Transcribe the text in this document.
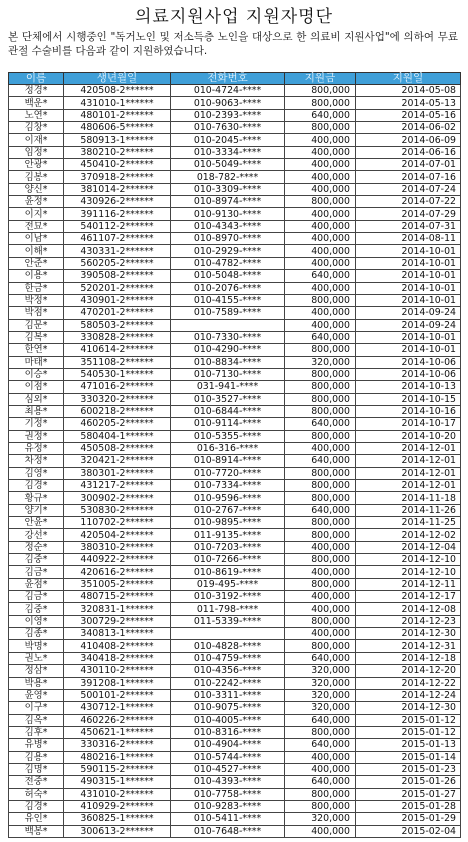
의료지원사업 지원자명단
본 단체에서 시행중인 "독거노인 및 저소득층 노인을 대상으로 한 의료비 지원사업"에 의하여 무료관절 수술비를 다음과 같이 지원하였습니다.
이름	생년월일	전화번호	지원금	지원일
정경*	420508-2******	010-4724-****	800,000	2014-05-08
백운*	431010-1******	010-9063-****	800,000	2014-05-13
노연*	480101-2******	010-2393-****	640,000	2014-05-16
김창*	480606-5******	010-7630-****	800,000	2014-06-02
이재*	580913-1******	010-2045-****	400,000	2014-06-09
임정*	380210-2******	010-3334-****	400,000	2014-06-16
안광*	450410-2******	010-5049-****	400,000	2014-07-01
김봉*	370918-2******	018-782-****	400,000	2014-07-16
양신*	381014-2******	010-3309-****	400,000	2014-07-24
윤정*	430926-2******	010-8974-****	800,000	2014-07-22
이지*	391116-2******	010-9130-****	400,000	2014-07-29
전묘*	540112-2******	010-4343-****	400,000	2014-07-31
이남*	461107-2******	010-8970-****	400,000	2014-08-11
이해*	430331-2******	010-2929-****	400,000	2014-10-01
안준*	560205-2******	010-4782-****	400,000	2014-10-01
이용*	390508-2******	010-5048-****	640,000	2014-10-01
한금*	520201-2******	010-2076-****	400,000	2014-10-01
박정*	430901-2******	010-4155-****	800,000	2014-10-01
박점*	470201-2******	010-7589-****	400,000	2014-09-24
김문*	580503-2******		400,000	2014-09-24
김복*	330828-2******	010-7330-****	640,000	2014-10-01
한연*	410614-2******	010-4290-****	800,000	2014-10-01
마태*	351108-2******	010-8834-****	320,000	2014-10-06
이승*	540530-1******	010-7130-****	800,000	2014-10-06
이점*	471016-2******	031-941-****	800,000	2014-10-13
심외*	330320-2******	010-3527-****	800,000	2014-10-15
최용*	600218-2******	010-6844-****	800,000	2014-10-16
기정*	460205-2******	010-9114-****	640,000	2014-10-17
권정*	580404-1******	010-5355-****	800,000	2014-10-20
유정*	450508-2******	016-316-****	400,000	2014-12-01
차정*	320421-2******	010-8914-****	640,000	2014-12-01
김영*	380301-2******	010-7720-****	800,000	2014-12-01
김경*	431217-2******	010-7334-****	800,000	2014-12-01
황규*	300902-2******	010-9596-****	800,000	2014-11-18
양기*	530830-2******	010-2767-****	640,000	2014-11-26
안윤*	110702-2******	010-9895-****	800,000	2014-11-25
강선*	420504-2******	011-9135-****	800,000	2014-12-02
정순*	380310-2******	010-7203-****	400,000	2014-12-04
김중*	440922-2******	010-7266-****	800,000	2014-12-10
김금*	420616-2******	010-8619-****	400,000	2014-12-10
윤점*	351005-2******	019-495-****	800,000	2014-12-11
김금*	480715-2******	010-3192-****	400,000	2014-12-17
김중*	320831-1******	011-798-****	400,000	2014-12-08
이영*	300729-2******	011-5339-****	800,000	2014-12-23
김종*	340813-1******		400,000	2014-12-30
박명*	410408-2******	010-4828-****	800,000	2014-12-31
권노*	340418-2******	010-4759-****	640,000	2014-12-18
정삼*	430110-2******	010-4356-****	320,000	2014-12-20
박용*	391208-1******	010-2242-****	320,000	2014-12-22
윤영*	500101-2******	010-3311-****	320,000	2014-12-24
이구*	430712-1******	010-9075-****	320,000	2014-12-30
김옥*	460226-2******	010-4005-****	640,000	2015-01-12
김후*	450621-1******	010-8316-****	800,000	2015-01-12
유병*	330316-2******	010-4904-****	640,000	2015-01-13
김용*	480216-1******	010-5744-****	400,000	2015-01-14
김명*	590115-2******	010-4527-****	400,000	2015-01-23
전중*	490315-1******	010-4393-****	640,000	2015-01-26
허숙*	431010-2******	010-7758-****	800,000	2015-01-27
김경*	410929-2******	010-9283-****	800,000	2015-01-28
유인*	360825-1******	010-5411-****	320,000	2015-01-29
백봉*	300613-2******	010-7648-****	400,000	2015-02-04
